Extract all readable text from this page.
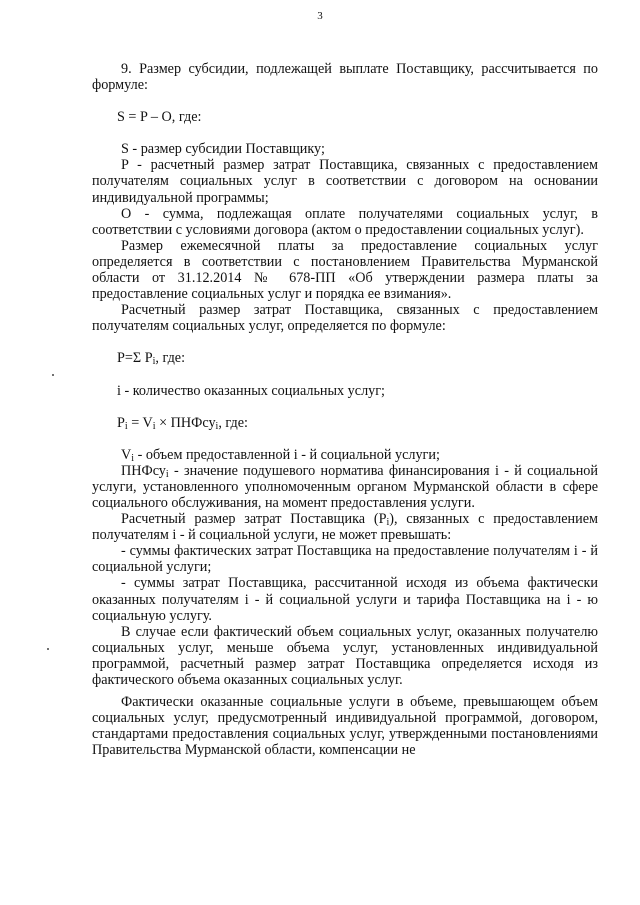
3

9. Размер субсидии, подлежащей выплате Поставщику, рассчитывается по формуле:

S = P – O, где:

S - размер субсидии Поставщику;

P - расчетный размер затрат Поставщика, связанных с предоставлением получателям социальных услуг в соответствии с договором на основании индивидуальной программы;

О - сумма, подлежащая оплате получателями социальных услуг, в соответствии с условиями договора (актом о предоставлении социальных услуг).

Размер ежемесячной платы за предоставление социальных услуг определяется в соответствии с постановлением Правительства Мурманской области от 31.12.2014 № 678-ПП «Об утверждении размера платы за предоставление социальных услуг и порядка ее взимания».

Расчетный размер затрат Поставщика, связанных с предоставлением получателям социальных услуг, определяется по формуле:

P=Σ $P_i$, где:

i - количество оказанных социальных услуг;

$P_i = V_i$ × ПНФсу$_i$, где:

$V_i$ - объем предоставленной i - й социальной услуги;

ПНФсу$_i$ - значение подушевого норматива финансирования i - й социальной услуги, установленного уполномоченным органом Мурманской области в сфере социального обслуживания, на момент предоставления услуги.

Расчетный размер затрат Поставщика $(P_i)$, связанных с предоставлением получателям i - й социальной услуги, не может превышать:

- суммы фактических затрат Поставщика на предоставление получателям i - й социальной услуги;

- суммы затрат Поставщика, рассчитанной исходя из объема фактически оказанных получателям i - й социальной услуги и тарифа Поставщика на i - ю социальную услугу.

В случае если фактический объем социальных услуг, оказанных получателю социальных услуг, меньше объема услуг, установленных индивидуальной программой, расчетный размер затрат Поставщика определяется исходя из фактического объема оказанных социальных услуг.

Фактически оказанные социальные услуги в объеме, превышающем объем социальных услуг, предусмотренный индивидуальной программой, договором, стандартами предоставления социальных услуг, утвержденными постановлениями Правительства Мурманской области, компенсации не
